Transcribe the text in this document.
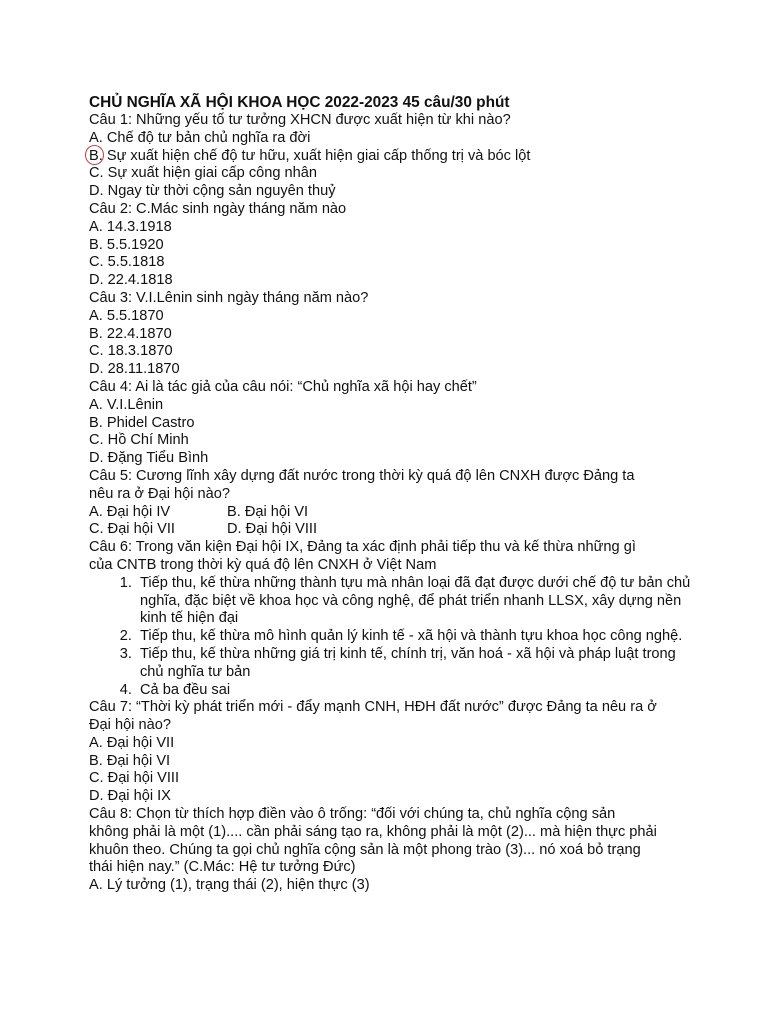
CHỦ NGHĨA XÃ HỘI KHOA HỌC 2022-2023 45 câu/30 phút

Câu 1: Những yếu tố tư tưởng XHCN được xuất hiện từ khi nào?

A. Chế độ tư bản chủ nghĩa ra đời

B. Sự xuất hiện chế độ tư hữu, xuất hiện giai cấp thống trị và bóc lột

C. Sự xuất hiện giai cấp công nhân

D. Ngay từ thời cộng sản nguyên thuỷ

Câu 2: C.Mác sinh ngày tháng năm nào

A. 14.3.1918

B. 5.5.1920

C. 5.5.1818

D. 22.4.1818

Câu 3: V.I.Lênin sinh ngày tháng năm nào?

A. 5.5.1870

B. 22.4.1870

C. 18.3.1870

D. 28.11.1870

Câu 4: Ai là tác giả của câu nói: “Chủ nghĩa xã hội hay chết”

A. V.I.Lênin

B. Phidel Castro

C. Hồ Chí Minh

D. Đặng Tiểu Bình

Câu 5: Cương lĩnh xây dựng đất nước trong thời kỳ quá độ lên CNXH được Đảng ta

nêu ra ở Đại hội nào?

A. Đại hội IV	B. Đại hội VI
C. Đại hội VII	D. Đại hội VIII

Câu 6: Trong văn kiện Đại hội IX, Đảng ta xác định phải tiếp thu và kế thừa những gì

của CNTB trong thời kỳ quá độ lên CNXH ở Việt Nam

1. Tiếp thu, kế thừa những thành tựu mà nhân loại đã đạt được dưới chế độ tư bản chủ nghĩa, đặc biệt về khoa học và công nghệ, để phát triển nhanh LLSX, xây dựng nền kinh tế hiện đại
2. Tiếp thu, kế thừa mô hình quản lý kinh tế - xã hội và thành tựu khoa học công nghệ.
3. Tiếp thu, kế thừa những giá trị kinh tế, chính trị, văn hoá - xã hội và pháp luật trong chủ nghĩa tư bản
4. Cả ba đều sai

Câu 7: “Thời kỳ phát triển mới - đẩy mạnh CNH, HĐH đất nước” được Đảng ta nêu ra ở

Đại hội nào?

A. Đại hội VII

B. Đại hội VI

C. Đại hội VIII

D. Đại hội IX

Câu 8: Chọn từ thích hợp điền vào ô trống: “đối với chúng ta, chủ nghĩa cộng sản

không phải là một (1).... cần phải sáng tạo ra, không phải là một (2)... mà hiện thực phải

khuôn theo. Chúng ta gọi chủ nghĩa cộng sản là một phong trào (3)... nó xoá bỏ trạng

thái hiện nay.” (C.Mác: Hệ tư tưởng Đức)

A. Lý tưởng (1), trạng thái (2), hiện thực (3)
